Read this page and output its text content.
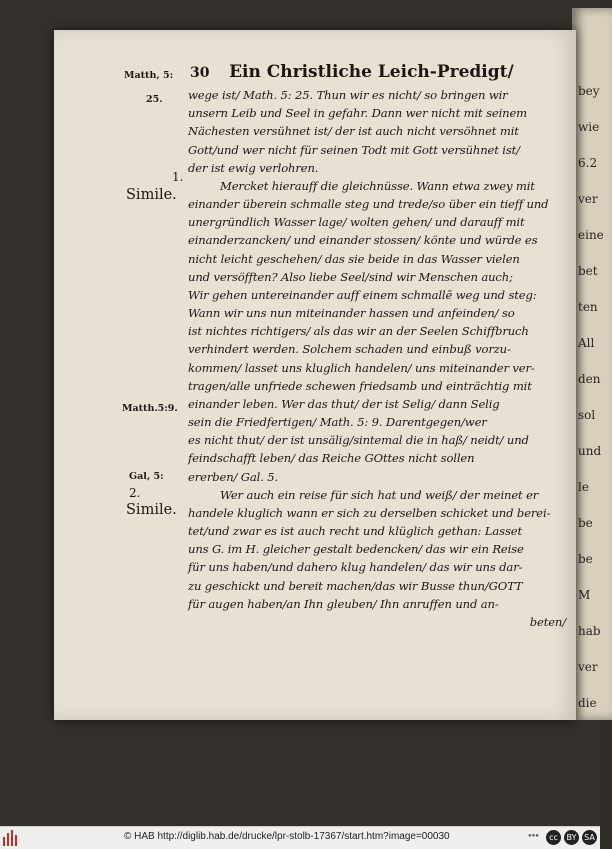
bey
wie
6.2
ver
eine
bet
ten
All
den
sol
und
le
be
be
M
hab
ver
die
30 Ein Christliche Leich-Predigt/
Matth, 5:
25.
1.
Simile.
Matth.5:9.
Gal, 5:
2.
Simile.
wege ist/ Math. 5: 25. Thun wir es nicht/ so bringen wir
unsern Leib und Seel in gefahr. Dann wer nicht mit seinem
Nächesten versühnet ist/ der ist auch nicht versöhnet mit
Gott/und wer nicht für seinen Todt mit Gott versühnet ist/
der ist ewig verlohren.
Mercket hierauff die gleichnüsse. Wann etwa zwey mit
einander überein schmalle steg und trede/so über ein tieff und
unergründlich Wasser lage/ wolten gehen/ und darauff mit
einanderzancken/ und einander stossen/ könte und würde es
nicht leicht geschehen/ das sie beide in das Wasser vielen
und versöfften? Also liebe Seel/sind wir Menschen auch;
Wir gehen untereinander auff einem schmallē weg und steg:
Wann wir uns nun miteinander hassen und anfeinden/ so
ist nichtes richtigers/ als das wir an der Seelen Schiffbruch
verhindert werden. Solchem schaden und einbuß vorzu-
kommen/ lasset uns kluglich handelen/ uns miteinander ver-
tragen/alle unfriede schewen friedsamb und einträchtig mit
einander leben. Wer das thut/ der ist Selig/ dann Selig
sein die Friedfertigen/ Math. 5: 9. Darentgegen/wer
es nicht thut/ der ist unsälig/sintemal die in haß/ neidt/ und
feindschafft leben/ das Reiche GOttes nicht sollen
ererben/ Gal. 5.
Wer auch ein reise für sich hat und weiß/ der meinet er
handele kluglich wann er sich zu derselben schicket und berei-
tet/und zwar es ist auch recht und klüglich gethan: Lasset
uns G. im H. gleicher gestalt bedencken/ das wir ein Reise
für uns haben/und dahero klug handelen/ das wir uns dar-
zu geschickt und bereit machen/das wir Busse thun/GOTT
für augen haben/an Ihn gleuben/ Ihn anruffen und an-
beten/
© HAB http://diglib.hab.de/drucke/lpr-stolb-17367/start.htm?image=00030	●●●	cc	BY SA
